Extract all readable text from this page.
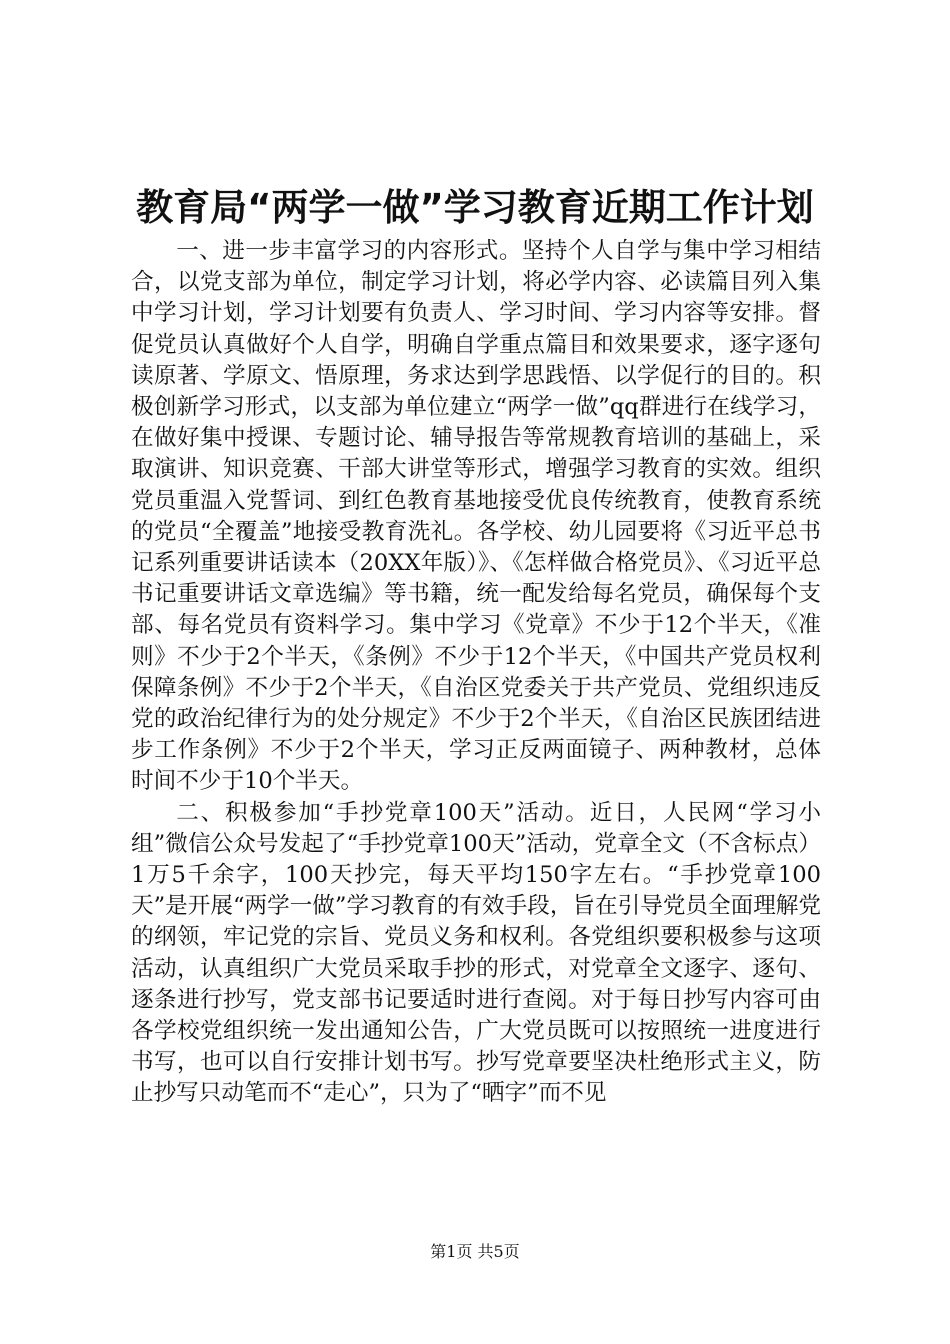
教育局“两学一做”学习教育近期工作计划

一、进一步丰富学习的内容形式。坚持个人自学与集中学习相结合，以党支部为单位，制定学习计划，将必学内容、必读篇目列入集中学习计划，学习计划要有负责人、学习时间、学习内容等安排。督促党员认真做好个人自学，明确自学重点篇目和效果要求，逐字逐句读原著、学原文、悟原理，务求达到学思践悟、以学促行的目的。积极创新学习形式，以支部为单位建立“两学一做”qq群进行在线学习，在做好集中授课、专题讨论、辅导报告等常规教育培训的基础上，采取演讲、知识竞赛、干部大讲堂等形式，增强学习教育的实效。组织党员重温入党誓词、到红色教育基地接受优良传统教育，使教育系统的党员“全覆盖”地接受教育洗礼。各学校、幼儿园要将《习近平总书记系列重要讲话读本（20XX年版）》、《怎样做合格党员》、《习近平总书记重要讲话文章选编》等书籍，统一配发给每名党员，确保每个支部、每名党员有资料学习。集中学习《党章》不少于12个半天，《准则》不少于2个半天，《条例》不少于12个半天，《中国共产党员权利保障条例》不少于2个半天，《自治区党委关于共产党员、党组织违反党的政治纪律行为的处分规定》不少于2个半天，《自治区民族团结进步工作条例》不少于2个半天，学习正反两面镜子、两种教材，总体时间不少于10个半天。

二、积极参加“手抄党章100天”活动。近日，人民网“学习小组”微信公众号发起了“手抄党章100天”活动，党章全文（不含标点）1万5千余字，100天抄完，每天平均150字左右。“手抄党章100天”是开展“两学一做”学习教育的有效手段，旨在引导党员全面理解党的纲领，牢记党的宗旨、党员义务和权利。各党组织要积极参与这项活动，认真组织广大党员采取手抄的形式，对党章全文逐字、逐句、逐条进行抄写，党支部书记要适时进行查阅。对于每日抄写内容可由各学校党组织统一发出通知公告，广大党员既可以按照统一进度进行书写，也可以自行安排计划书写。抄写党章要坚决杜绝形式主义，防止抄写只动笔而不“走心”，只为了“晒字”而不见

第1页 共5页
